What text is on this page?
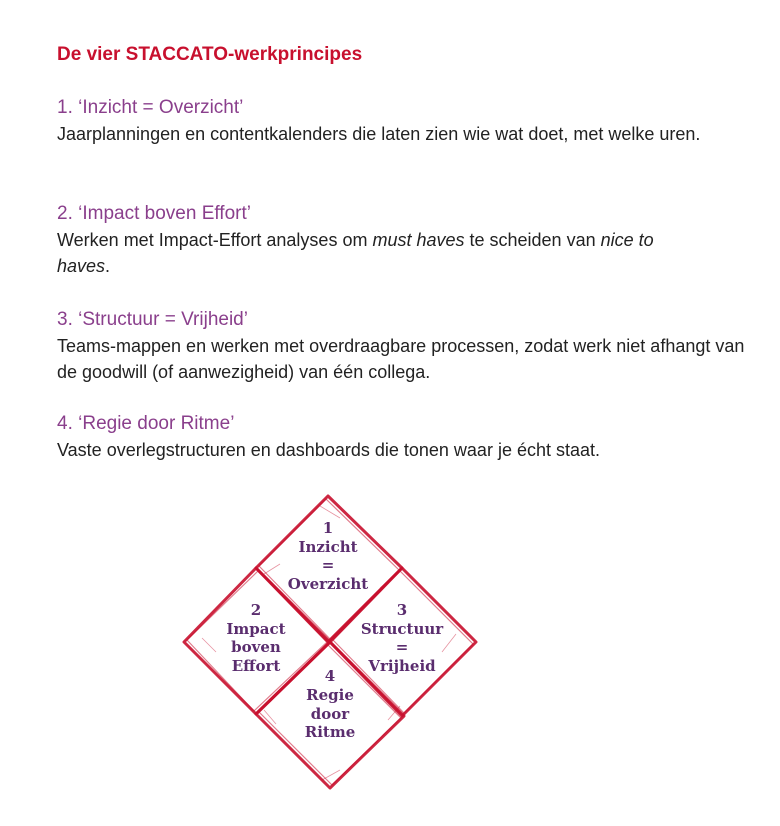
De vier STACCATO-werkprincipes
1. ‘Inzicht = Overzicht’
Jaarplanningen en contentkalenders die laten zien wie wat doet, met welke uren.
2. ‘Impact boven Effort’
Werken met Impact-Effort analyses om must haves te scheiden van nice to haves.
3. ‘Structuur = Vrijheid’
Teams-mappen en werken met overdraagbare processen, zodat werk niet afhangt van de goodwill (of aanwezigheid) van één collega.
4. ‘Regie door Ritme’
Vaste overlegstructuren en dashboards die tonen waar je écht staat.
1
Inzicht
=
Overzicht
2
Impact
boven
Effort
3
Structuur
=
Vrijheid
4
Regie
door
Ritme
